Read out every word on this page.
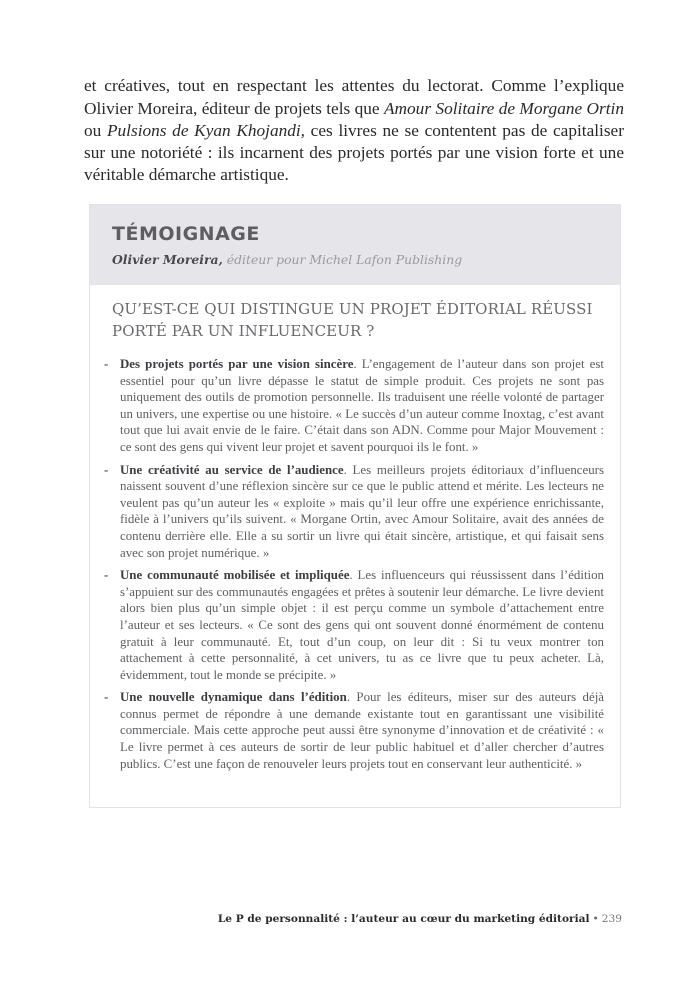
et créatives, tout en respectant les attentes du lectorat. Comme l’explique Olivier Moreira, éditeur de projets tels que Amour Solitaire de Morgane Ortin ou Pulsions de Kyan Khojandi, ces livres ne se contentent pas de capitaliser sur une notoriété : ils incarnent des projets portés par une vision forte et une véritable démarche artistique.

TÉMOIGNAGE
Olivier Moreira, éditeur pour Michel Lafon Publishing
QU’EST-CE QUI DISTINGUE UN PROJET ÉDITORIAL RÉUSSI PORTÉ PAR UN INFLUENCEUR ?
- Des projets portés par une vision sincère. L’engagement de l’auteur dans son projet est essentiel pour qu’un livre dépasse le statut de simple produit. Ces projets ne sont pas uniquement des outils de promotion personnelle. Ils traduisent une réelle volonté de partager un univers, une expertise ou une histoire. « Le succès d’un auteur comme Inoxtag, c’est avant tout que lui avait envie de le faire. C’était dans son ADN. Comme pour Major Mouvement : ce sont des gens qui vivent leur projet et savent pourquoi ils le font. »
- Une créativité au service de l’audience. Les meilleurs projets éditoriaux d’influenceurs naissent souvent d’une réflexion sincère sur ce que le public attend et mérite. Les lecteurs ne veulent pas qu’un auteur les « exploite » mais qu’il leur offre une expérience enrichissante, fidèle à l’univers qu’ils suivent. « Morgane Ortin, avec Amour Solitaire, avait des années de contenu derrière elle. Elle a su sortir un livre qui était sincère, artistique, et qui faisait sens avec son projet numérique. »
- Une communauté mobilisée et impliquée. Les influenceurs qui réussissent dans l’édition s’appuient sur des communautés engagées et prêtes à soutenir leur démarche. Le livre devient alors bien plus qu’un simple objet : il est perçu comme un symbole d’attachement entre l’auteur et ses lecteurs. « Ce sont des gens qui ont souvent donné énormément de contenu gratuit à leur communauté. Et, tout d’un coup, on leur dit : Si tu veux montrer ton attachement à cette personnalité, à cet univers, tu as ce livre que tu peux acheter. Là, évidemment, tout le monde se précipite. »
- Une nouvelle dynamique dans l’édition. Pour les éditeurs, miser sur des auteurs déjà connus permet de répondre à une demande existante tout en garantissant une visibilité commerciale. Mais cette approche peut aussi être synonyme d’innovation et de créativité : « Le livre permet à ces auteurs de sortir de leur public habituel et d’aller chercher d’autres publics. C’est une façon de renouveler leurs projets tout en conservant leur authenticité. »
Le P de personnalité : l’auteur au cœur du marketing éditorial • 239
